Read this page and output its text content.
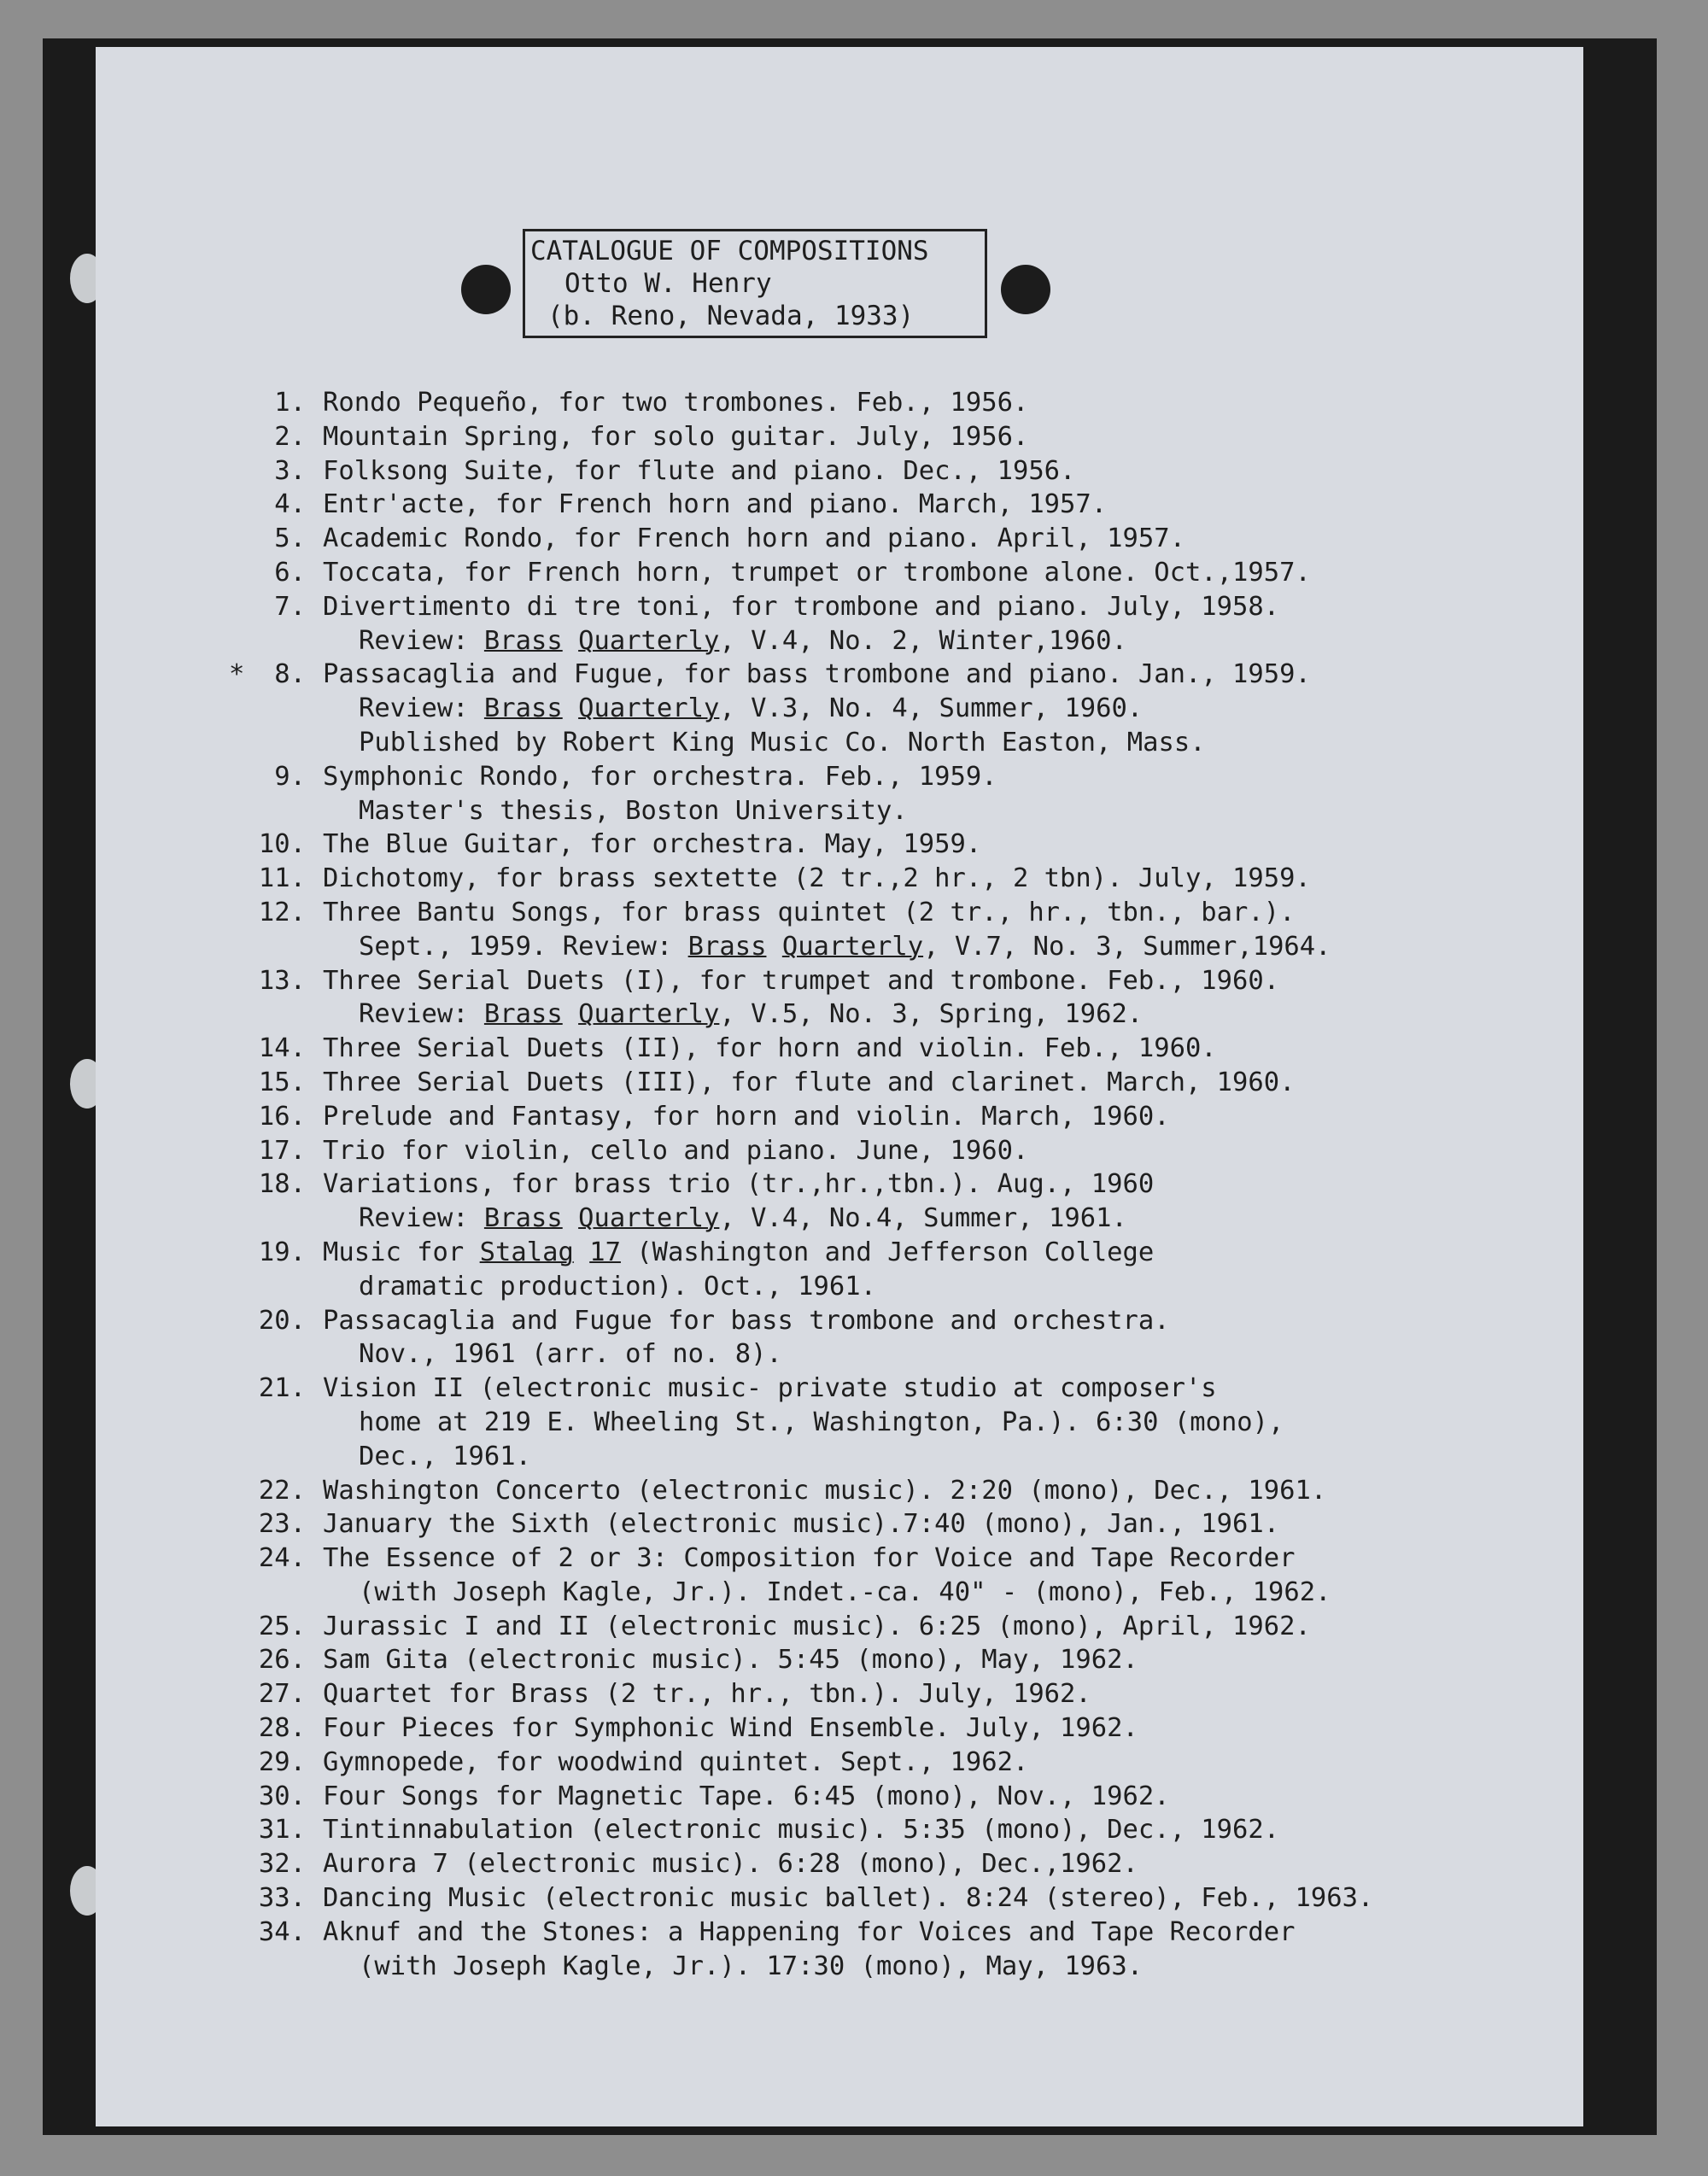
CATALOGUE OF COMPOSITIONS
Otto W. Henry
(b. Reno, Nevada, 1933)
1. Rondo Pequeño, for two trombones. Feb., 1956.
2. Mountain Spring, for solo guitar. July, 1956.
3. Folksong Suite, for flute and piano. Dec., 1956.
4. Entr'acte, for French horn and piano. March, 1957.
5. Academic Rondo, for French horn and piano. April, 1957.
6. Toccata, for French horn, trumpet or trombone alone. Oct.,1957.
7. Divertimento di tre toni, for trombone and piano. July, 1958.
Review: Brass Quarterly, V.4, No. 2, Winter,1960.
* 8. Passacaglia and Fugue, for bass trombone and piano. Jan., 1959.
Review: Brass Quarterly, V.3, No. 4, Summer, 1960.
Published by Robert King Music Co. North Easton, Mass.
9. Symphonic Rondo, for orchestra. Feb., 1959.
Master's thesis, Boston University.
10. The Blue Guitar, for orchestra. May, 1959.
11. Dichotomy, for brass sextette (2 tr.,2 hr., 2 tbn). July, 1959.
12. Three Bantu Songs, for brass quintet (2 tr., hr., tbn., bar.).
Sept., 1959. Review: Brass Quarterly, V.7, No. 3, Summer,1964.
13. Three Serial Duets (I), for trumpet and trombone. Feb., 1960.
Review: Brass Quarterly, V.5, No. 3, Spring, 1962.
14. Three Serial Duets (II), for horn and violin. Feb., 1960.
15. Three Serial Duets (III), for flute and clarinet. March, 1960.
16. Prelude and Fantasy, for horn and violin. March, 1960.
17. Trio for violin, cello and piano. June, 1960.
18. Variations, for brass trio (tr.,hr.,tbn.). Aug., 1960
Review: Brass Quarterly, V.4, No.4, Summer, 1961.
19. Music for Stalag 17 (Washington and Jefferson College
dramatic production). Oct., 1961.
20. Passacaglia and Fugue for bass trombone and orchestra.
Nov., 1961 (arr. of no. 8).
21. Vision II (electronic music- private studio at composer's
home at 219 E. Wheeling St., Washington, Pa.). 6:30 (mono),
Dec., 1961.
22. Washington Concerto (electronic music). 2:20 (mono), Dec., 1961.
23. January the Sixth (electronic music).7:40 (mono), Jan., 1961.
24. The Essence of 2 or 3: Composition for Voice and Tape Recorder
(with Joseph Kagle, Jr.). Indet.-ca. 40" - (mono), Feb., 1962.
25. Jurassic I and II (electronic music). 6:25 (mono), April, 1962.
26. Sam Gita (electronic music). 5:45 (mono), May, 1962.
27. Quartet for Brass (2 tr., hr., tbn.). July, 1962.
28. Four Pieces for Symphonic Wind Ensemble. July, 1962.
29. Gymnopede, for woodwind quintet. Sept., 1962.
30. Four Songs for Magnetic Tape. 6:45 (mono), Nov., 1962.
31. Tintinnabulation (electronic music). 5:35 (mono), Dec., 1962.
32. Aurora 7 (electronic music). 6:28 (mono), Dec.,1962.
33. Dancing Music (electronic music ballet). 8:24 (stereo), Feb., 1963.
34. Aknuf and the Stones: a Happening for Voices and Tape Recorder
(with Joseph Kagle, Jr.). 17:30 (mono), May, 1963.
